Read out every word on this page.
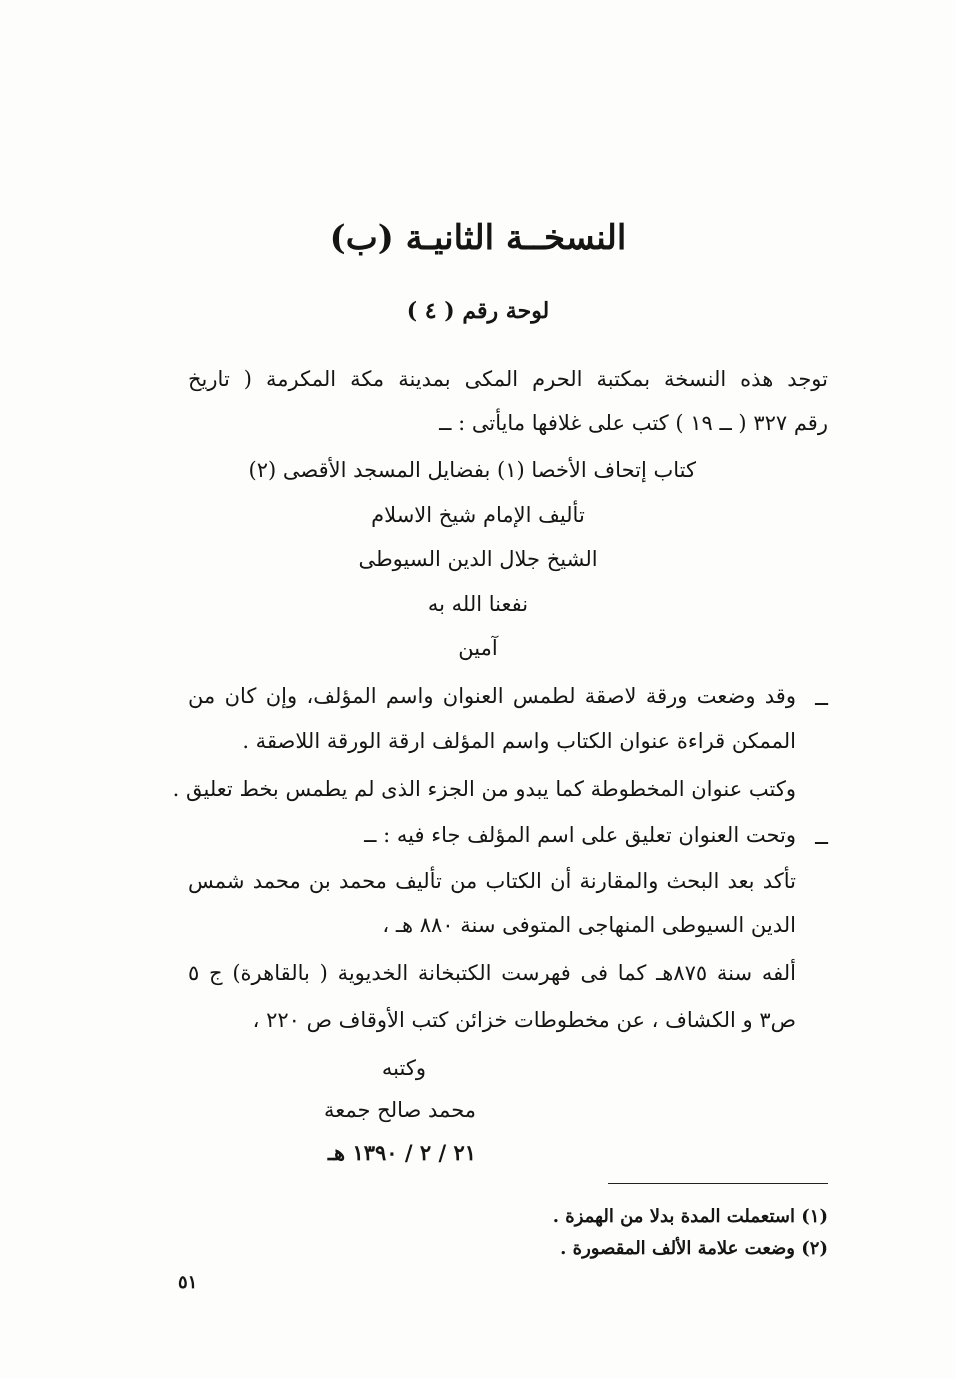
النسخــة الثانيـة (ب)
لوحة رقم ( ٤ )
توجد هذه النسخة بمكتبة الحرم المكى بمدينة مكة المكرمة ( تاريخ
رقم ٣٢٧ ( ــ ١٩ ) كتب على غلافها مايأتى : ــ
كتاب إتحاف الأخصا (١) بفضايل المسجد الأقصى (٢)
تأليف الإمام شيخ الاسلام
الشيخ جلال الدين السيوطى
نفعنا الله به
آمين
وقد وضعت ورقة لاصقة لطمس العنوان واسم المؤلف، وإن كان من ــ
الممكن قراءة عنوان الكتاب واسم المؤلف ارقة الورقة اللاصقة .
وكتب عنوان المخطوطة كما يبدو من الجزء الذى لم يطمس بخط تعليق .
وتحت العنوان تعليق على اسم المؤلف جاء فيه : ــ ــ
تأكد بعد البحث والمقارنة أن الكتاب من تأليف محمد بن محمد شمس
الدين السيوطى المنهاجى المتوفى سنة ٨٨٠ هـ ،
ألفه سنة ٨٧٥هـ كما فى فهرست الكتبخانة الخديوية ( بالقاهرة) ج ٥
ص٣ و الكشاف ، عن مخطوطات خزائن كتب الأوقاف ص ٢٢٠ ،
وكتبه
محمد صالح جمعة
٢١ / ٢ / ١٣٩٠ هـ
(١) استعملت المدة بدلا من الهمزة .
(٢) وضعت علامة الألف المقصورة .
٥١
